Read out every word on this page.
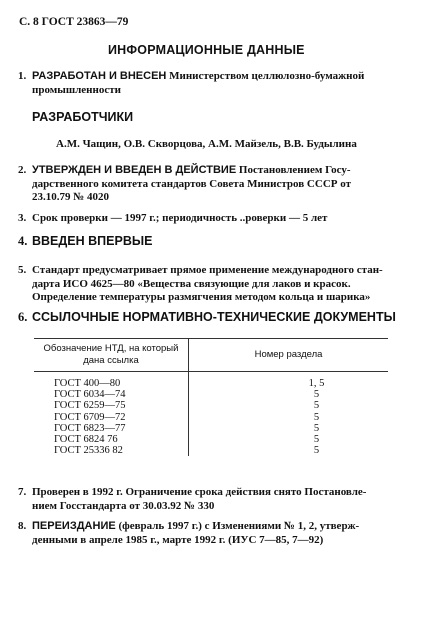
С. 8 ГОСТ 23863—79
ИНФОРМАЦИОННЫЕ ДАННЫЕ
1. РАЗРАБОТАН И ВНЕСЕН Министерством целлюлозно-бумажной
промышленности
РАЗРАБОТЧИКИ
А.М. Чащин, О.В. Скворцова, А.М. Майзель, В.В. Будылина
2. УТВЕРЖДЕН И ВВЕДЕН В ДЕЙСТВИЕ Постановлением Госу-
дарственного комитета стандартов Совета Министров СССР от
23.10.79 № 4020
3. Срок проверки — 1997 г.; периодичность ..роверки — 5 лет
4. ВВЕДЕН ВПЕРВЫЕ
5. Стандарт предусматривает прямое применение международного стан-
дарта ИСО 4625—80 «Вещества связующие для лаков и красок.
Определение температуры размягчения методом кольца и шарика»
6. ССЫЛОЧНЫЕ НОРМАТИВНО-ТЕХНИЧЕСКИЕ ДОКУМЕНТЫ
Обозначение НТД, на который дана ссылка	Номер раздела
ГОСТ 400—80	1, 5
ГОСТ 6034—74	5
ГОСТ 6259—75	5
ГОСТ 6709—72	5
ГОСТ 6823—77	5
ГОСТ 6824 76	5
ГОСТ 25336 82	5
7. Проверен в 1992 г. Ограничение срока действия снято Постановле-
нием Госстандарта от 30.03.92 № 330
8. ПЕРЕИЗДАНИЕ (февраль 1997 г.) с Изменениями № 1, 2, утверж-
денными в апреле 1985 г., марте 1992 г. (ИУС 7—85, 7—92)
